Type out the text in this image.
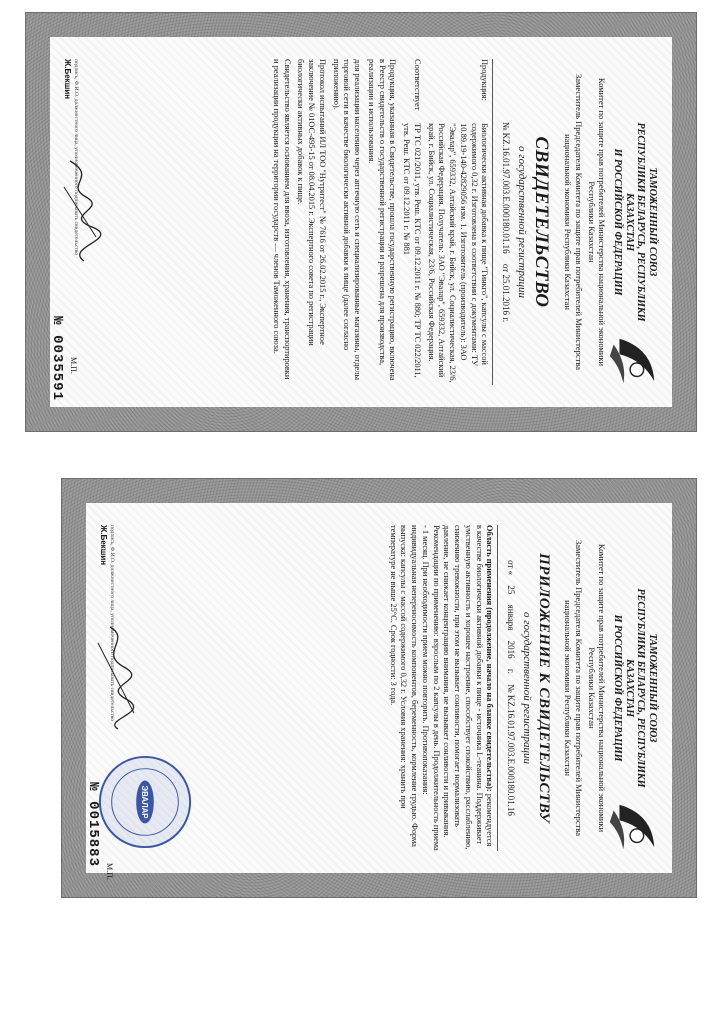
ТАМОЖЕННЫЙ СОЮЗ
РЕСПУБЛИКИ БЕЛАРУСЬ, РЕСПУБЛИКИ КАЗАХСТАН
И РОССИЙСКОЙ ФЕДЕРАЦИИ
Комитет по защите прав потребителей Министерства национальной экономики Республики Казахстан
Заместитель Председателя Комитета по защите прав потребителей Министерства национальной экономики Республики Казахстан
СВИДЕТЕЛЬСТВО
о государственной регистрации
№ KZ.16.01.97.003.Е.000180.01.16 от 25.01.2016 г.
Продукция: Биологически активная добавка к пище "Гинкго", капсулы с массой содержимого 0,32 г. Изготовлена в соответствии с документами: ТУ 10.89.19-140-42829056 изм. 1. Изготовитель (производитель): ЗАО "Эвалар", 659332, Алтайский край, г. Бийск, ул. Социалистическая, 23/6, Российская Федерация. Получатель: ЗАО "Эвалар", 659332, Алтайский край, г. Бийск, ул. Социалистическая, 23/6, Российская Федерация.
Соответствует ТР ТС 021/2011, утв. Реш. КТС от 09.12.2011 г. № 880; ТР ТС 022/2011, утв. Реш. КТС от 09.12.2011 г. № 881
Продукция, указанная в Свидетельстве, прошла государственную регистрацию, включена в Реестр свидетельств о государственной регистрации и разрешена для производства, реализации и использования.
для реализации населению через аптечную сеть и специализированные магазины, отделы торговой сети в качестве биологически активной добавки к пище (далее согласно приложению).
Протокол испытаний ИЛ ТОО "Нутритест" № 7616 от 26.02.2015 г., Экспертное заключение № 01ОС-495-15 от 08.04.2015 г. Экспертного совета по регистрации биологически активных добавок к пище.
Свидетельство является основанием для ввоза, изготовления, хранения, транспортировки и реализации продукции на территории государств — членов Таможенного союза.
подпись, Ф.И.О. должностного лица, уполномоченного подписывать свидетельство
Ж.Бекшин
М.П.
№ 0035591
ТАМОЖЕННЫЙ СОЮЗ
РЕСПУБЛИКИ БЕЛАРУСЬ, РЕСПУБЛИКИ КАЗАХСТАН
И РОССИЙСКОЙ ФЕДЕРАЦИИ
Комитет по защите прав потребителей Министерства национальной экономики Республики Казахстан
Заместитель Председателя Комитета по защите прав потребителей Министерства национальной экономики Республики Казахстан
ПРИЛОЖЕНИЕ К СВИДЕТЕЛЬСТВУ
о государственной регистрации
от « 25 января 2016 г. № KZ.16.01.97.003.Е.000180.01.16
Область применения (продолжение, начало на бланке свидетельства): рекомендуется в качестве биологически активной добавки к пище - источника L-теанина. Поддерживает умственную активность и хорошее настроение, способствует спокойствию, расслаблению, снижению тревожности, при этом не вызывает сонливости, помогает нормализовать давление, не снижает концентрацию внимания, не вызывает сонливости и привыкания. Рекомендации по применению: взрослым по 2 капсулы в день. Продолжительность приема - 1 месяц. При необходимости прием можно повторить. Противопоказания: индивидуальная непереносимость компонентов, беременность, кормление грудью. Форма выпуска: капсулы с массой содержимого 0,32 г. Условия хранения: хранить при температуре не выше 25°С. Срок годности: 3 года.
подпись, Ф.И.О. должностного лица, уполномоченного подписывать свидетельство
Ж.Бекшин
ЭВАЛАР
М.П.
№ 0015883
